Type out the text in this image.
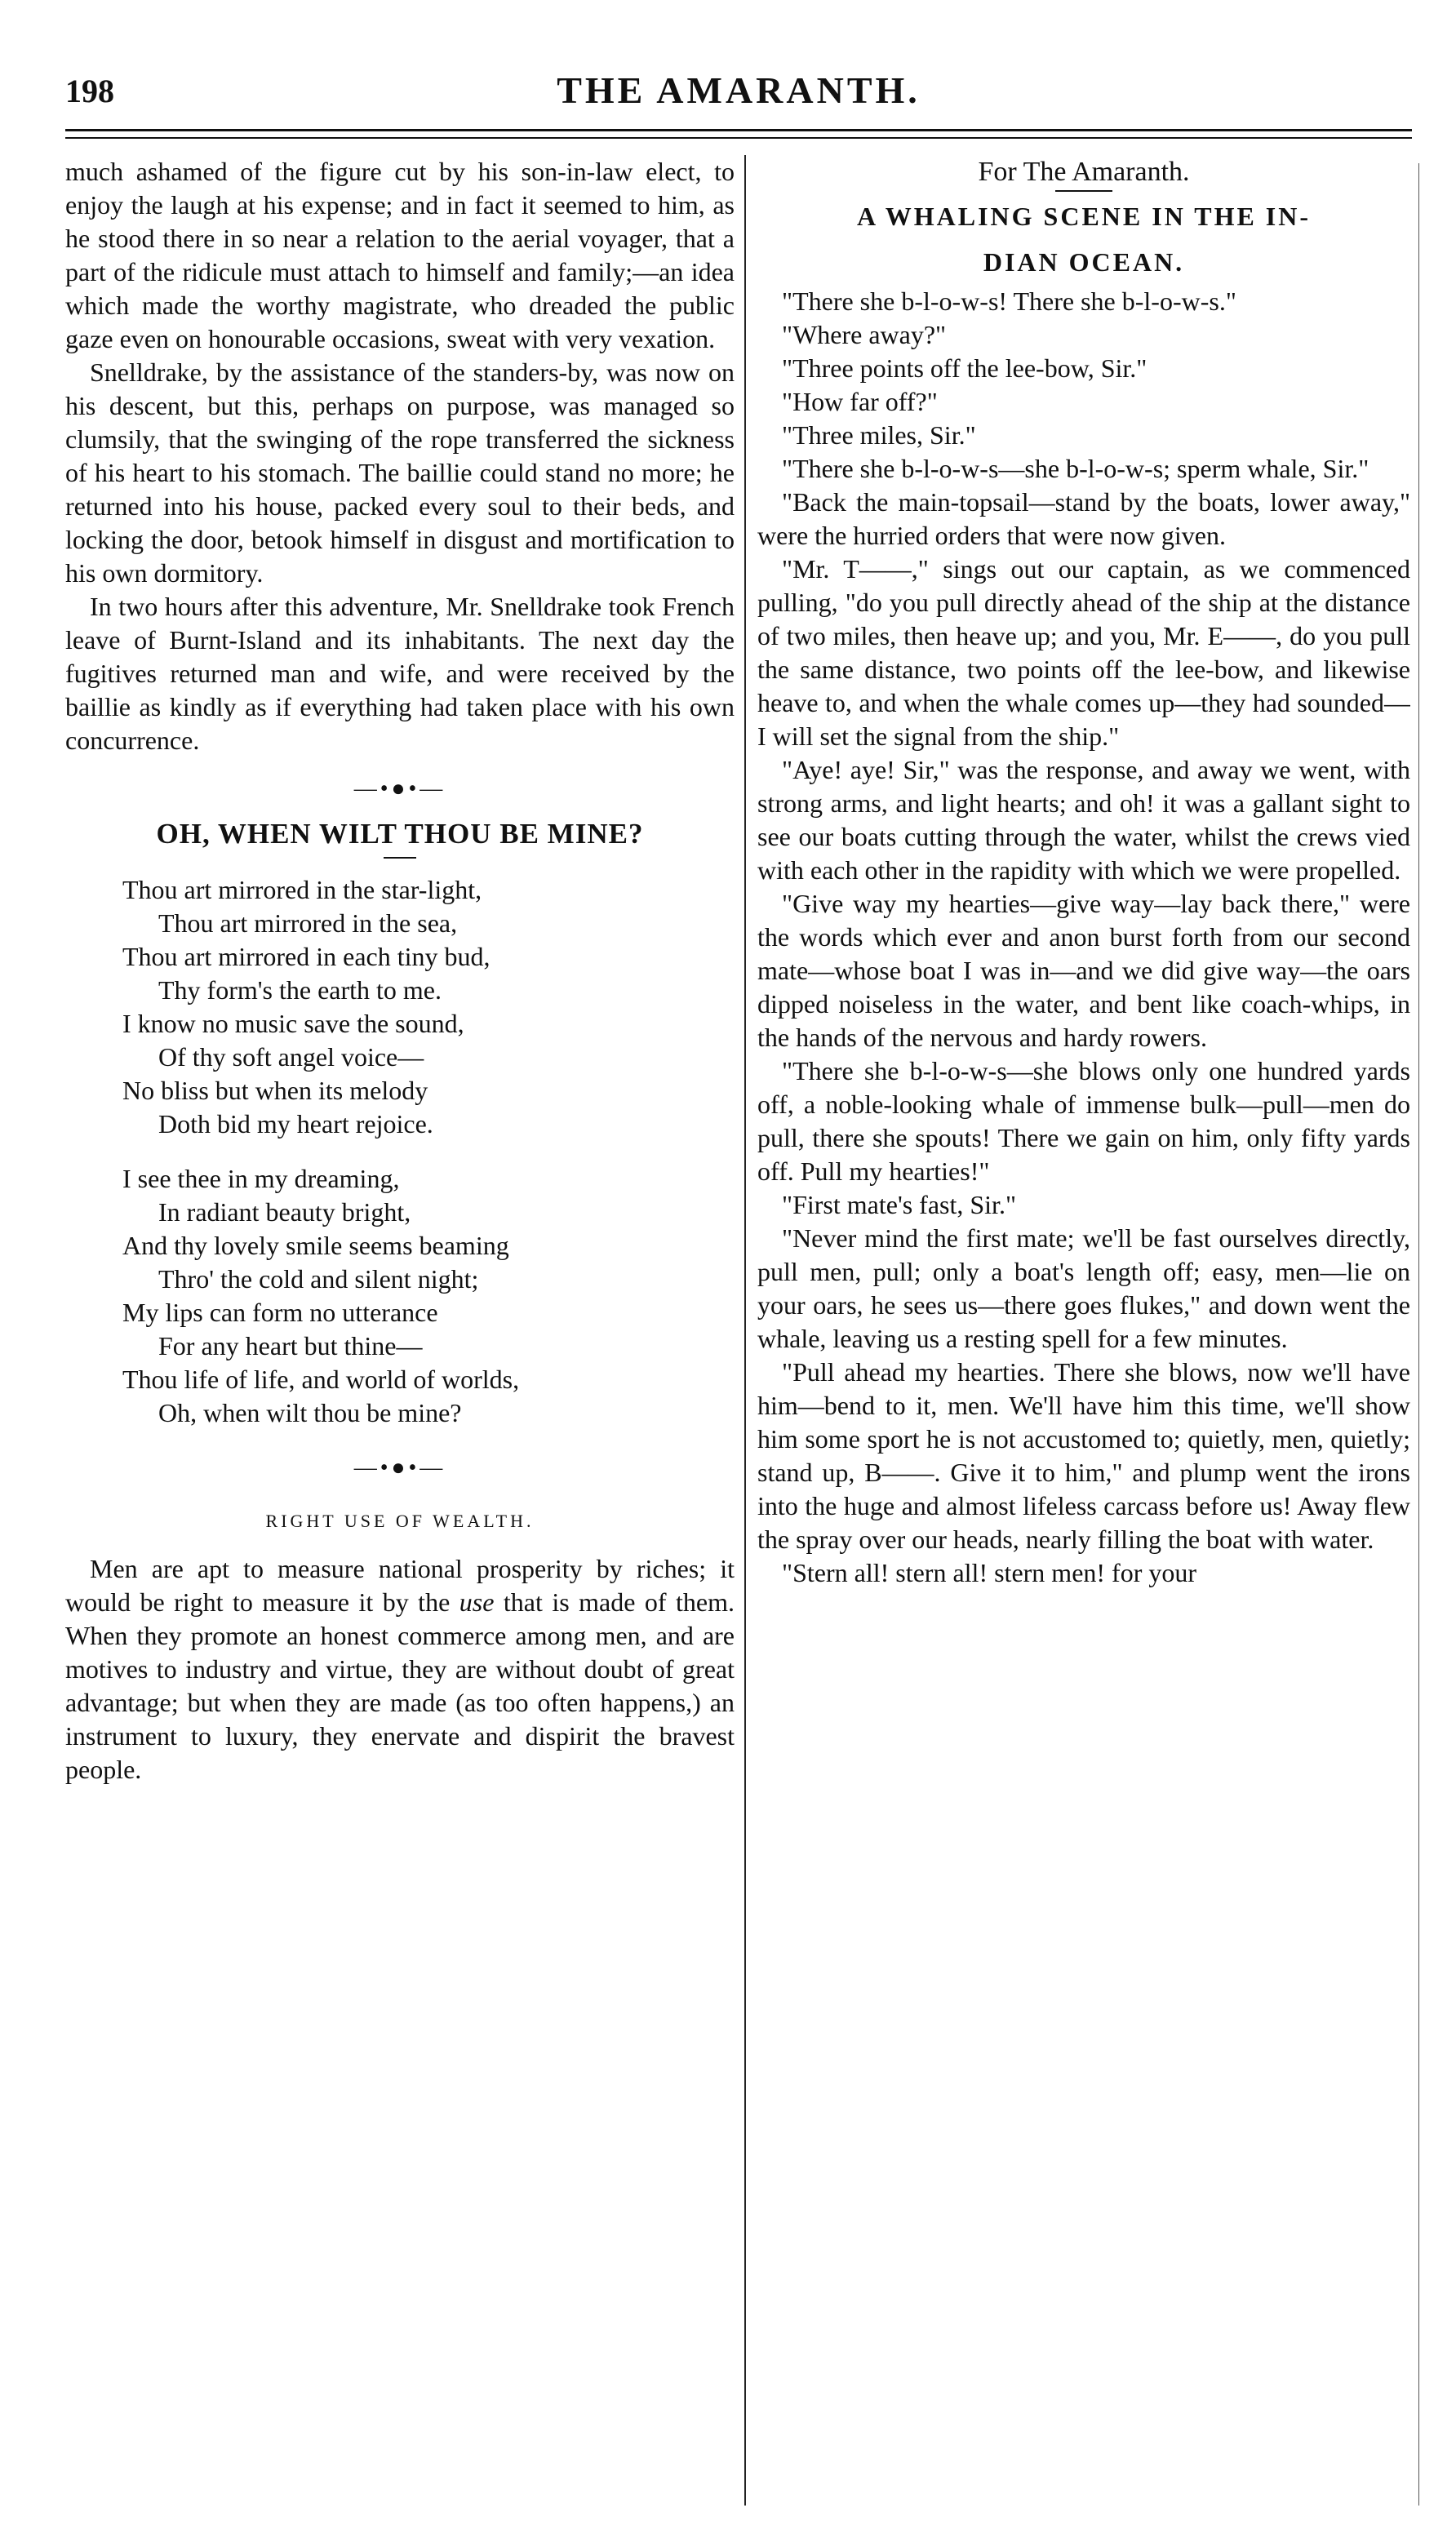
198	THE AMARANTH.

much ashamed of the figure cut by his son-in-law elect, to enjoy the laugh at his expense; and in fact it seemed to him, as he stood there in so near a relation to the aerial voyager, that a part of the ridicule must attach to himself and family;—an idea which made the worthy magistrate, who dreaded the public gaze even on honourable occasions, sweat with very vexation.

Snelldrake, by the assistance of the standers-by, was now on his descent, but this, perhaps on purpose, was managed so clumsily, that the swinging of the rope transferred the sickness of his heart to his stomach. The baillie could stand no more; he returned into his house, packed every soul to their beds, and locking the door, betook himself in disgust and mortification to his own dormitory.

In two hours after this adventure, Mr. Snelldrake took French leave of Burnt-Island and its inhabitants. The next day the fugitives returned man and wife, and were received by the baillie as kindly as if everything had taken place with his own concurrence.

—•●•—
OH, WHEN WILT THOU BE MINE?
Thou art mirrored in the star-light,
Thou art mirrored in the sea,
Thou art mirrored in each tiny bud,
Thy form's the earth to me.
I know no music save the sound,
Of thy soft angel voice—
No bliss but when its melody
Doth bid my heart rejoice.
I see thee in my dreaming,
In radiant beauty bright,
And thy lovely smile seems beaming
Thro' the cold and silent night;
My lips can form no utterance
For any heart but thine—
Thou life of life, and world of worlds,
Oh, when wilt thou be mine?
—•●•—
RIGHT USE OF WEALTH.

Men are apt to measure national prosperity by riches; it would be right to measure it by the use that is made of them. When they promote an honest commerce among men, and are motives to industry and virtue, they are without doubt of great advantage; but when they are made (as too often happens,) an instrument to luxury, they enervate and dispirit the bravest people.

For The Amaranth.
A WHALING SCENE IN THE IN-
DIAN OCEAN.

"There she b-l-o-w-s! There she b-l-o-w-s."

"Where away?"

"Three points off the lee-bow, Sir."

"How far off?"

"Three miles, Sir."

"There she b-l-o-w-s—she b-l-o-w-s; sperm whale, Sir."

"Back the main-topsail—stand by the boats, lower away," were the hurried orders that were now given.

"Mr. T——," sings out our captain, as we commenced pulling, "do you pull directly ahead of the ship at the distance of two miles, then heave up; and you, Mr. E——, do you pull the same distance, two points off the lee-bow, and likewise heave to, and when the whale comes up—they had sounded—I will set the signal from the ship."

"Aye! aye! Sir," was the response, and away we went, with strong arms, and light hearts; and oh! it was a gallant sight to see our boats cutting through the water, whilst the crews vied with each other in the rapidity with which we were propelled.

"Give way my hearties—give way—lay back there," were the words which ever and anon burst forth from our second mate—whose boat I was in—and we did give way—the oars dipped noiseless in the water, and bent like coach-whips, in the hands of the nervous and hardy rowers.

"There she b-l-o-w-s—she blows only one hundred yards off, a noble-looking whale of immense bulk—pull—men do pull, there she spouts! There we gain on him, only fifty yards off. Pull my hearties!"

"First mate's fast, Sir."

"Never mind the first mate; we'll be fast ourselves directly, pull men, pull; only a boat's length off; easy, men—lie on your oars, he sees us—there goes flukes," and down went the whale, leaving us a resting spell for a few minutes.

"Pull ahead my hearties. There she blows, now we'll have him—bend to it, men. We'll have him this time, we'll show him some sport he is not accustomed to; quietly, men, quietly; stand up, B——. Give it to him," and plump went the irons into the huge and almost lifeless carcass before us! Away flew the spray over our heads, nearly filling the boat with water.

"Stern all! stern all! stern men! for your
